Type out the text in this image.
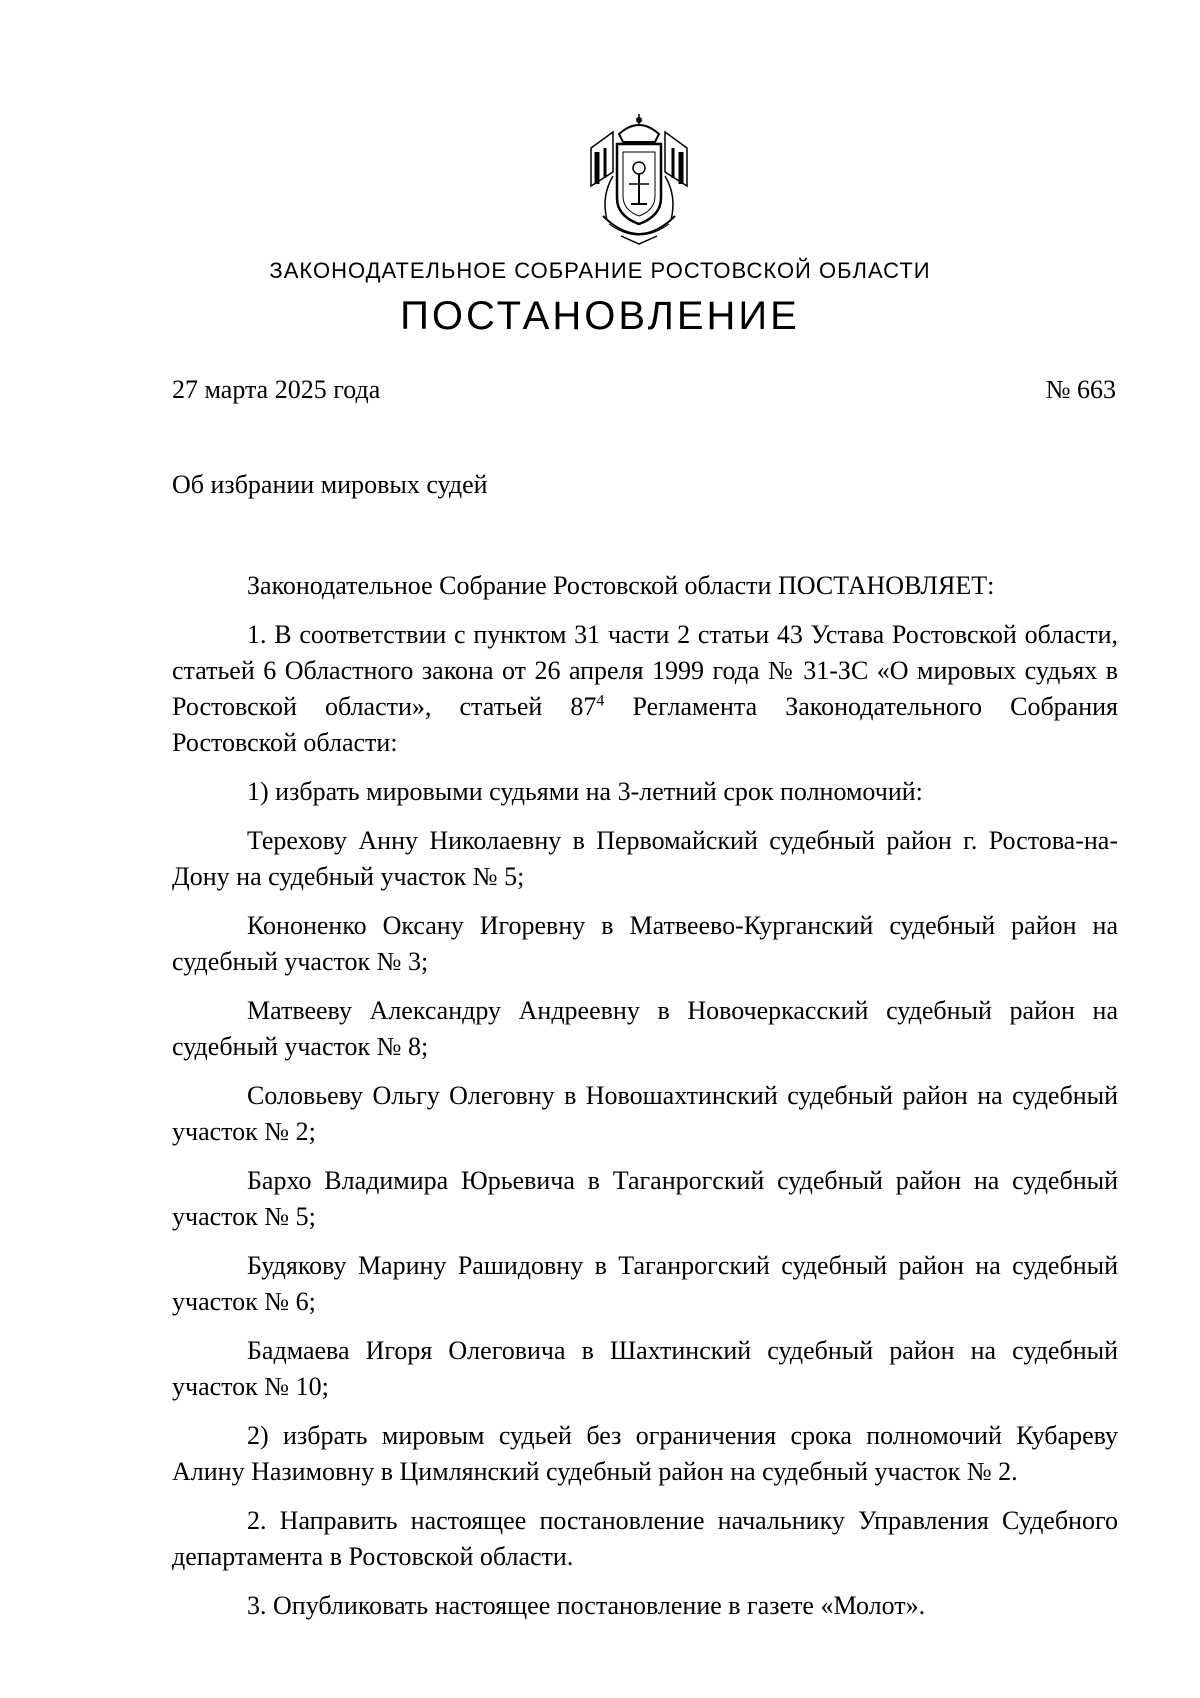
ЗАКОНОДАТЕЛЬНОЕ СОБРАНИЕ РОСТОВСКОЙ ОБЛАСТИ
ПОСТАНОВЛЕНИЕ
27 марта 2025 года	№ 663
Об избрании мировых судей

Законодательное Собрание Ростовской области ПОСТАНОВЛЯЕТ:

1. В соответствии с пунктом 31 части 2 статьи 43 Устава Ростовской области, статьей 6 Областного закона от 26 апреля 1999 года № 31-ЗС «О мировых судьях в Ростовской области», статьей $87^4$ Регламента Законодательного Собрания Ростовской области:

1) избрать мировыми судьями на 3-летний срок полномочий:

Терехову Анну Николаевну в Первомайский судебный район г. Ростова-на-Дону на судебный участок № 5;

Кононенко Оксану Игоревну в Матвеево-Курганский судебный район на судебный участок № 3;

Матвееву Александру Андреевну в Новочеркасский судебный район на судебный участок № 8;

Соловьеву Ольгу Олеговну в Новошахтинский судебный район на судебный участок № 2;

Бархо Владимира Юрьевича в Таганрогский судебный район на судебный участок № 5;

Будякову Марину Рашидовну в Таганрогский судебный район на судебный участок № 6;

Бадмаева Игоря Олеговича в Шахтинский судебный район на судебный участок № 10;

2) избрать мировым судьей без ограничения срока полномочий Кубареву Алину Назимовну в Цимлянский судебный район на судебный участок № 2.

2. Направить настоящее постановление начальнику Управления Судебного департамента в Ростовской области.

3. Опубликовать настоящее постановление в газете «Молот».
